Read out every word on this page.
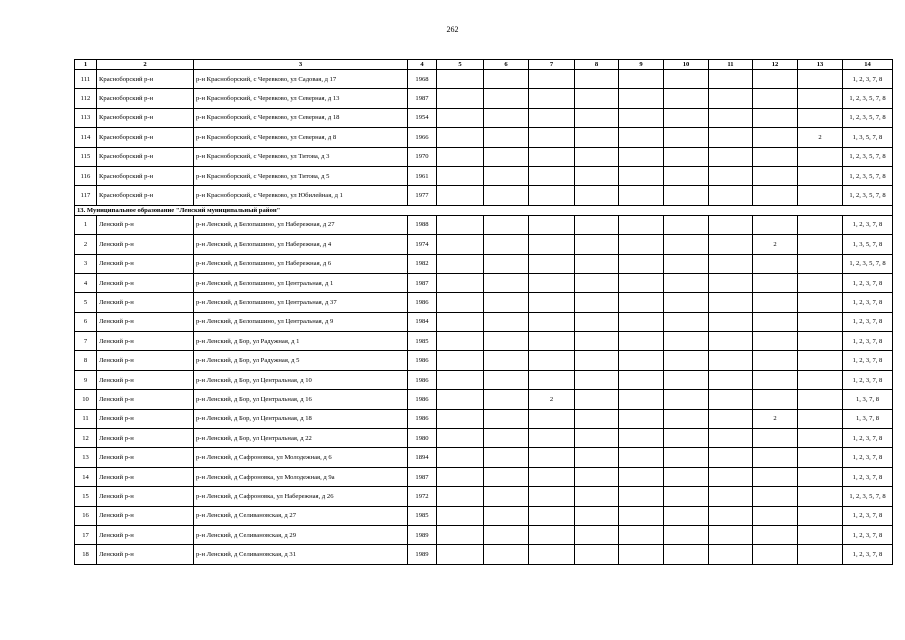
262
1	2	3	4	5	6	7	8	9	10	11	12	13	14
111	Красноборский р-н	р-н Красноборский, с Черевково, ул Садовая, д 17	1968										1, 2, 3, 7, 8
112	Красноборский р-н	р-н Красноборский, с Черевково, ул Северная, д 13	1987										1, 2, 3, 5, 7, 8
113	Красноборский р-н	р-н Красноборский, с Черевково, ул Северная, д 18	1954										1, 2, 3, 5, 7, 8
114	Красноборский р-н	р-н Красноборский, с Черевково, ул Северная, д 8	1966									2	1, 3, 5, 7, 8
115	Красноборский р-н	р-н Красноборский, с Черевково, ул Титова, д 3	1970										1, 2, 3, 5, 7, 8
116	Красноборский р-н	р-н Красноборский, с Черевково, ул Титова, д 5	1961										1, 2, 3, 5, 7, 8
117	Красноборский р-н	р-н Красноборский, с Черевково, ул Юбилейная, д 1	1977										1, 2, 3, 5, 7, 8
13. Муниципальное образование "Ленский муниципальный район"													
1	Ленский р-н	р-н Ленский, д Белопашино, ул Набережная, д 27	1988										1, 2, 3, 7, 8
2	Ленский р-н	р-н Ленский, д Белопашино, ул Набережная, д 4	1974								2		1, 3, 5, 7, 8
3	Ленский р-н	р-н Ленский, д Белопашино, ул Набережная, д 6	1982										1, 2, 3, 5, 7, 8
4	Ленский р-н	р-н Ленский, д Белопашино, ул Центральная, д 1	1987										1, 2, 3, 7, 8
5	Ленский р-н	р-н Ленский, д Белопашино, ул Центральная, д 37	1986										1, 2, 3, 7, 8
6	Ленский р-н	р-н Ленский, д Белопашино, ул Центральная, д 9	1984										1, 2, 3, 7, 8
7	Ленский р-н	р-н Ленский, д Бор, ул Радужная, д 1	1985										1, 2, 3, 7, 8
8	Ленский р-н	р-н Ленский, д Бор, ул Радужная, д 5	1986										1, 2, 3, 7, 8
9	Ленский р-н	р-н Ленский, д Бор, ул Центральная, д 10	1986										1, 2, 3, 7, 8
10	Ленский р-н	р-н Ленский, д Бор, ул Центральная, д 16	1986			2							1, 3, 7, 8
11	Ленский р-н	р-н Ленский, д Бор, ул Центральная, д 18	1986								2		1, 3, 7, 8
12	Ленский р-н	р-н Ленский, д Бор, ул Центральная, д 22	1980										1, 2, 3, 7, 8
13	Ленский р-н	р-н Ленский, д Сафроновка, ул Молодежная, д 6	1894										1, 2, 3, 7, 8
14	Ленский р-н	р-н Ленский, д Сафроновка, ул Молодежная, д 9а	1987										1, 2, 3, 7, 8
15	Ленский р-н	р-н Ленский, д Сафроновка, ул Набережная, д 26	1972										1, 2, 3, 5, 7, 8
16	Ленский р-н	р-н Ленский, д Селивановская, д 27	1985										1, 2, 3, 7, 8
17	Ленский р-н	р-н Ленский, д Селивановская, д 29	1989										1, 2, 3, 7, 8
18	Ленский р-н	р-н Ленский, д Селивановская, д 31	1989										1, 2, 3, 7, 8
